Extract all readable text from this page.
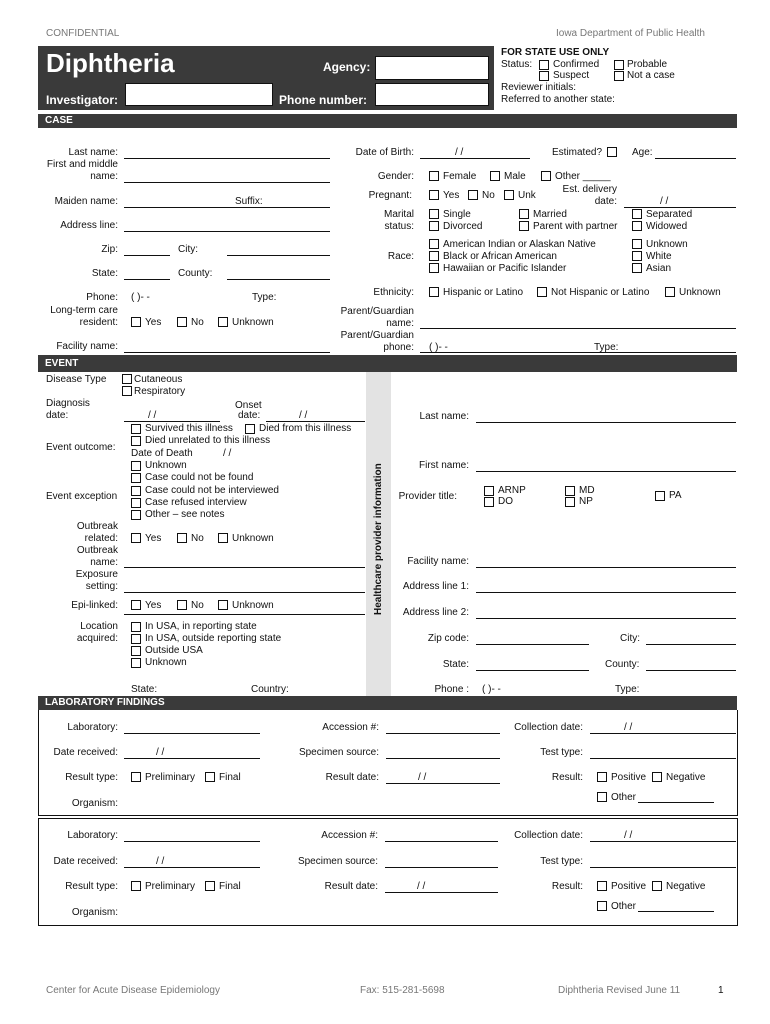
CONFIDENTIAL	Iowa Department of Public Health
Diphtheria	Agency:
Investigator:	Phone number:
FOR STATE USE ONLY
Status: Confirmed	Probable
Suspect	Not a case
Reviewer initials:
Referred to another state:
CASE
Last name:
First and middle
name:
Maiden name:	Suffix:
Address line:
Zip:	City:
State:	County:
Phone: ( )- -	Type:
Long-term care
resident:	Yes	No	Unknown
Facility name:
Date of Birth:	/ /	Estimated?	Age:
Gender:	Female	Male	Other _____
Pregnant:	Yes No Unk
Est. delivery
date:	/ /
Marital
status:
Single	Married	Separated
Divorced	Parent with partner	Widowed
Race:
American Indian or Alaskan Native
Black or African American
Hawaiian or Pacific Islander
Unknown
White
Asian
Ethnicity:	Hispanic or Latino	Not Hispanic or Latino	Unknown
Parent/Guardian
name:
Parent/Guardian
phone: ( )- -	Type:
EVENT
Disease Type	Cutaneous
Respiratory
Diagnosis
date:	/ /
Onset
date:	/ /
Event outcome:
Survived this illness	Died from this illness
Died unrelated to this illness
Date of Death	/ /
Unknown
Event exception
Case could not be found
Case could not be interviewed
Case refused interview
Other – see notes
Outbreak
related:	Yes	No	Unknown
Outbreak
name:
Exposure
setting:
Epi-linked:	Yes	No	Unknown
Location
acquired:
In USA, in reporting state
In USA, outside reporting state
Outside USA
Unknown
State:	Country:
Healthcare provider information
Last name:
First name:
Provider title:
ARNP	MD	PA
DO	NP
Facility name:
Address line 1:
Address line 2:
Zip code:	City:
State:	County:
Phone : ( )- -	Type:
LABORATORY FINDINGS
Laboratory:	Accession #:	Collection date:	/ /
Date received:	/ /	Specimen source:	Test type:
Result type:	Preliminary Final	Result date:	/ /	Result:	Positive Negative
Other
Organism:
Laboratory:	Accession #:	Collection date:	/ /
Date received:	/ /	Specimen source:	Test type:
Result type:	Preliminary Final	Result date:	/ /	Result:	Positive Negative
Other
Organism:
Center for Acute Disease Epidemiology	Fax: 515-281-5698	Diphtheria Revised June 11	1
